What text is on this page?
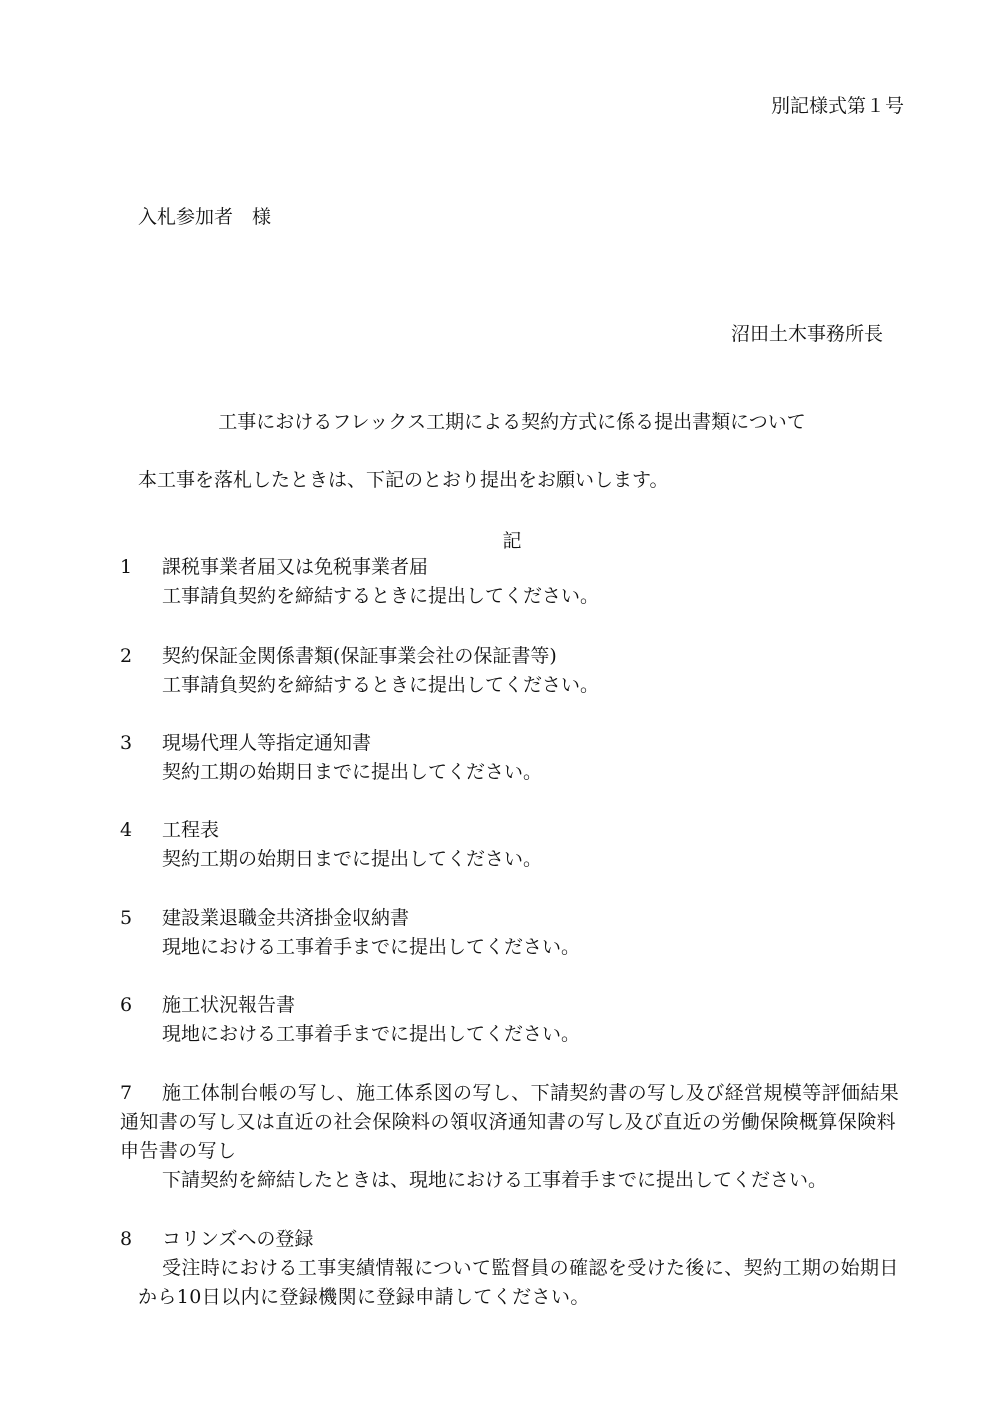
別記様式第１号
入札参加者　様
沼田土木事務所長
工事におけるフレックス工期による契約方式に係る提出書類について
本工事を落札したときは、下記のとおり提出をお願いします。
記
1	課税事業者届又は免税事業者届
工事請負契約を締結するときに提出してください。
2	契約保証金関係書類(保証事業会社の保証書等)
工事請負契約を締結するときに提出してください。
3	現場代理人等指定通知書
契約工期の始期日までに提出してください。
4	工程表
契約工期の始期日までに提出してください。
5	建設業退職金共済掛金収納書
現地における工事着手までに提出してください。
6	施工状況報告書
現地における工事着手までに提出してください。
7 施工体制台帳の写し、施工体系図の写し、下請契約書の写し及び経営規模等評価結果通知書の写し又は直近の社会保険料の領収済通知書の写し及び直近の労働保険概算保険料申告書の写し
下請契約を締結したときは、現地における工事着手までに提出してください。
8	コリンズへの登録
受注時における工事実績情報について監督員の確認を受けた後に、契約工期の始期日から10日以内に登録機関に登録申請してください。
